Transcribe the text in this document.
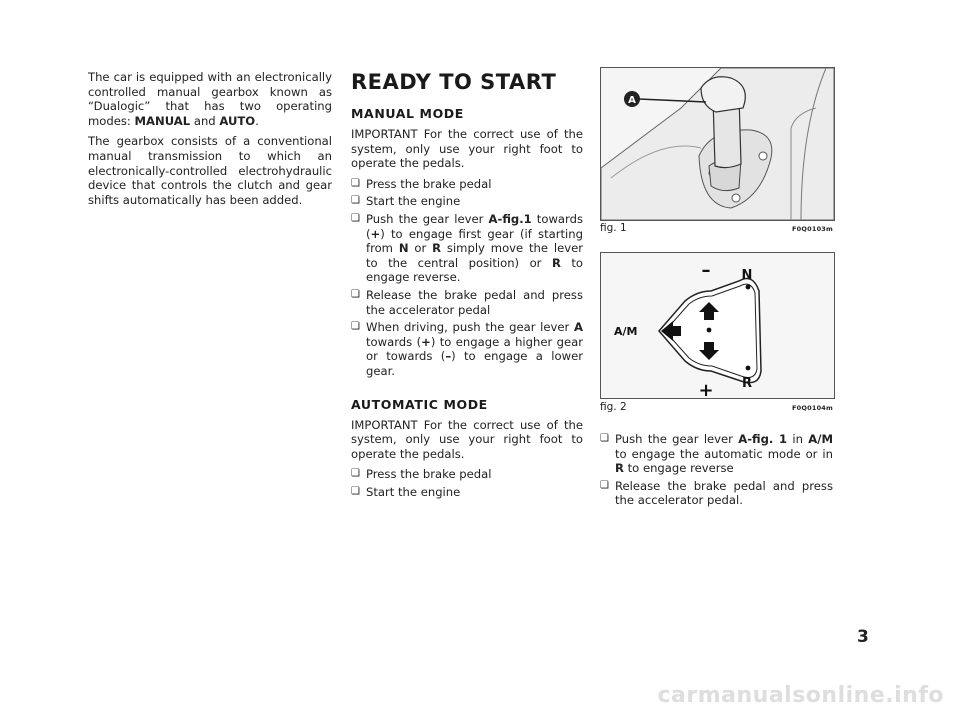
The car is equipped with an electronically controlled manual gearbox known as “Dualogic” that has two operating modes: MANUAL and AUTO.

The gearbox consists of a conventional manual transmission to which an electronically-controlled electrohydraulic device that controls the clutch and gear shifts automatically has been added.

READY TO START
MANUAL MODE

IMPORTANT For the correct use of the system, only use your right foot to operate the pedals.

❏ Press the brake pedal
❏ Start the engine
❏ Push the gear lever A-fig.1 towards (+) to engage first gear (if starting from N or R simply move the lever to the central position) or R to engage reverse.
❏ Release the brake pedal and press the accelerator pedal
❏ When driving, push the gear lever A towards (+) to engage a higher gear or towards (–) to engage a lower gear.
AUTOMATIC MODE

IMPORTANT For the correct use of the system, only use your right foot to operate the pedals.

❏ Press the brake pedal
❏ Start the engine
A
fig. 1	F0Q0103m
–
+
N
R
A/M
fig. 2	F0Q0104m
❏ Push the gear lever A-fig. 1 in A/M to engage the automatic mode or in R to engage reverse
❏ Release the brake pedal and press the accelerator pedal.
3
carmanualsonline.info
